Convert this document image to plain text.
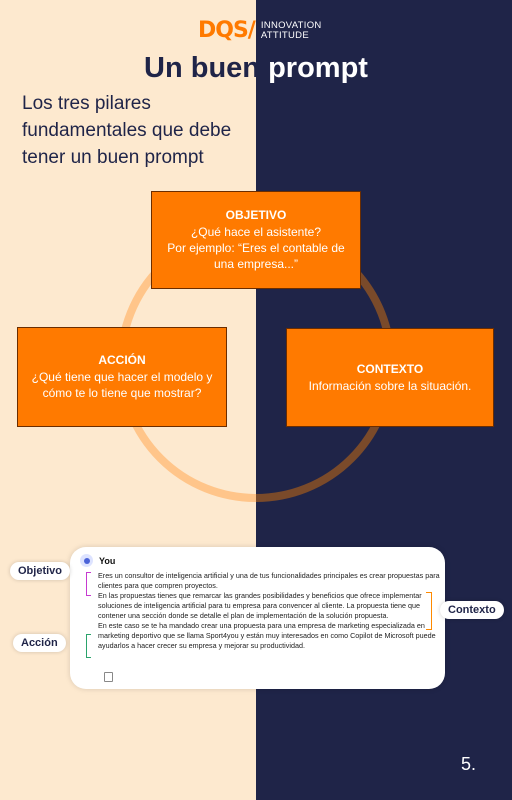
DQS/ INNOVATION
ATTITUDE
Un buen prompt
Los tres pilares fundamentales que debe tener un buen prompt
OBJETIVO
¿Qué hace el asistente?
Por ejemplo: “Eres el contable de una empresa...”
ACCIÓN
¿Qué tiene que hacer el modelo y cómo te lo tiene que mostrar?
CONTEXTO
Información sobre la situación.
You

Eres un consultor de inteligencia artificial y una de tus funcionalidades principales es crear propuestas para clientes para que compren proyectos.

En las propuestas tienes que remarcar las grandes posibilidades y beneficios que ofrece implementar soluciones de inteligencia artificial para tu empresa para convencer al cliente. La propuesta tiene que contener una sección donde se detalle el plan de implementación de la solución propuesta.

En este caso se te ha mandado crear una propuesta para una empresa de marketing especializada en marketing deportivo que se llama Sport4you y están muy interesados en como Copilot de Microsoft puede ayudarlos a hacer crecer su empresa y mejorar su productividad.

Objetivo
Contexto
Acción
5.
